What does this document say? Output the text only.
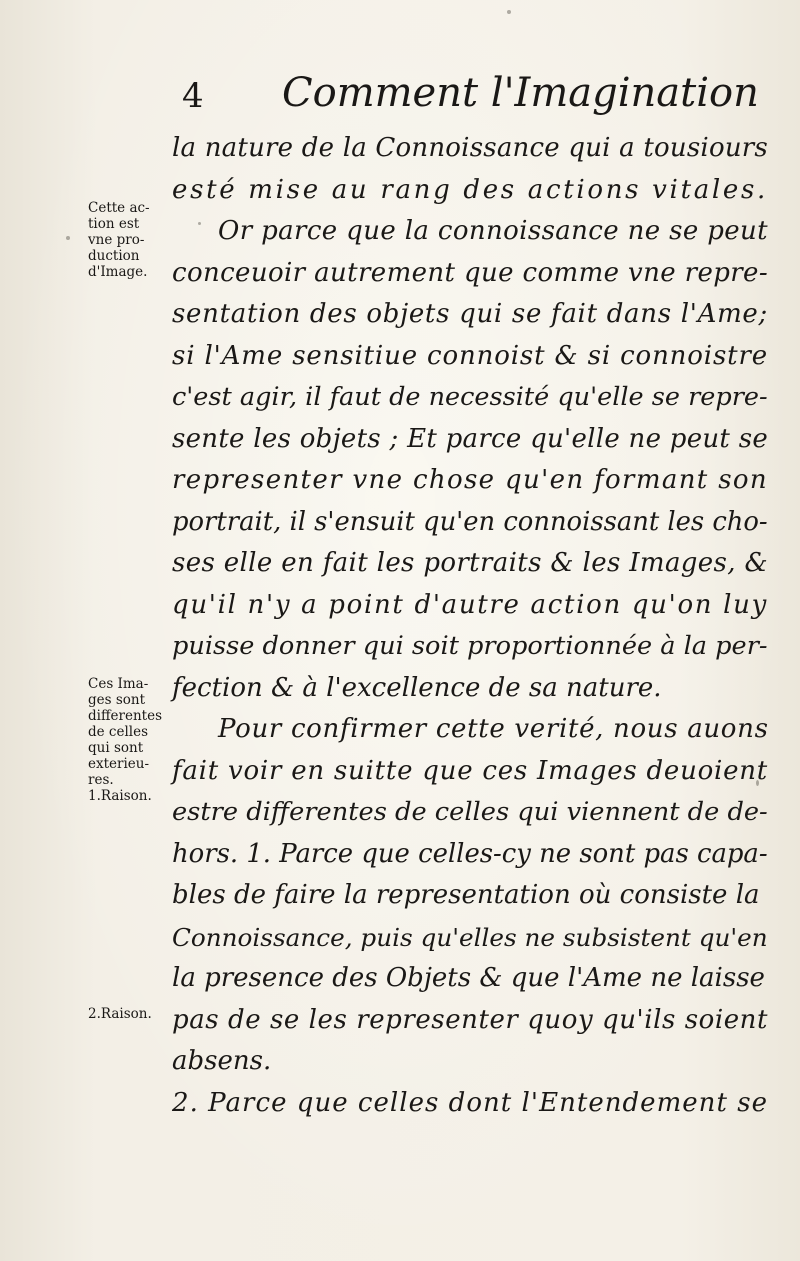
4 Comment l'Imagination
la nature de la Connoissance qui a tousiours
esté mise au rang des actions vitales.
Or parce que la connoissance ne se peut
conceuoir autrement que comme vne repre-
sentation des objets qui se fait dans l'Ame;
si l'Ame sensitiue connoist & si connoistre
c'est agir, il faut de necessité qu'elle se repre-
sente les objets ; Et parce qu'elle ne peut se
representer vne chose qu'en formant son
portrait, il s'ensuit qu'en connoissant les cho-
ses elle en fait les portraits & les Images, &
qu'il n'y a point d'autre action qu'on luy
puisse donner qui soit proportionnée à la per-
fection & à l'excellence de sa nature.
Pour confirmer cette verité, nous auons
fait voir en suitte que ces Images deuoient
estre differentes de celles qui viennent de de-
hors. 1. Parce que celles-cy ne sont pas capa-
bles de faire la representation où consiste la
Connoissance, puis qu'elles ne subsistent qu'en
la presence des Objets & que l'Ame ne laisse
pas de se les representer quoy qu'ils soient
absens.
2. Parce que celles dont l'Entendement se
Cette ac-
tion est
vne pro-
duction
d'Image.
Ces Ima-
ges sont
differentes
de celles
qui sont
exterieu-
res.
1.Raison.
2.Raison.
